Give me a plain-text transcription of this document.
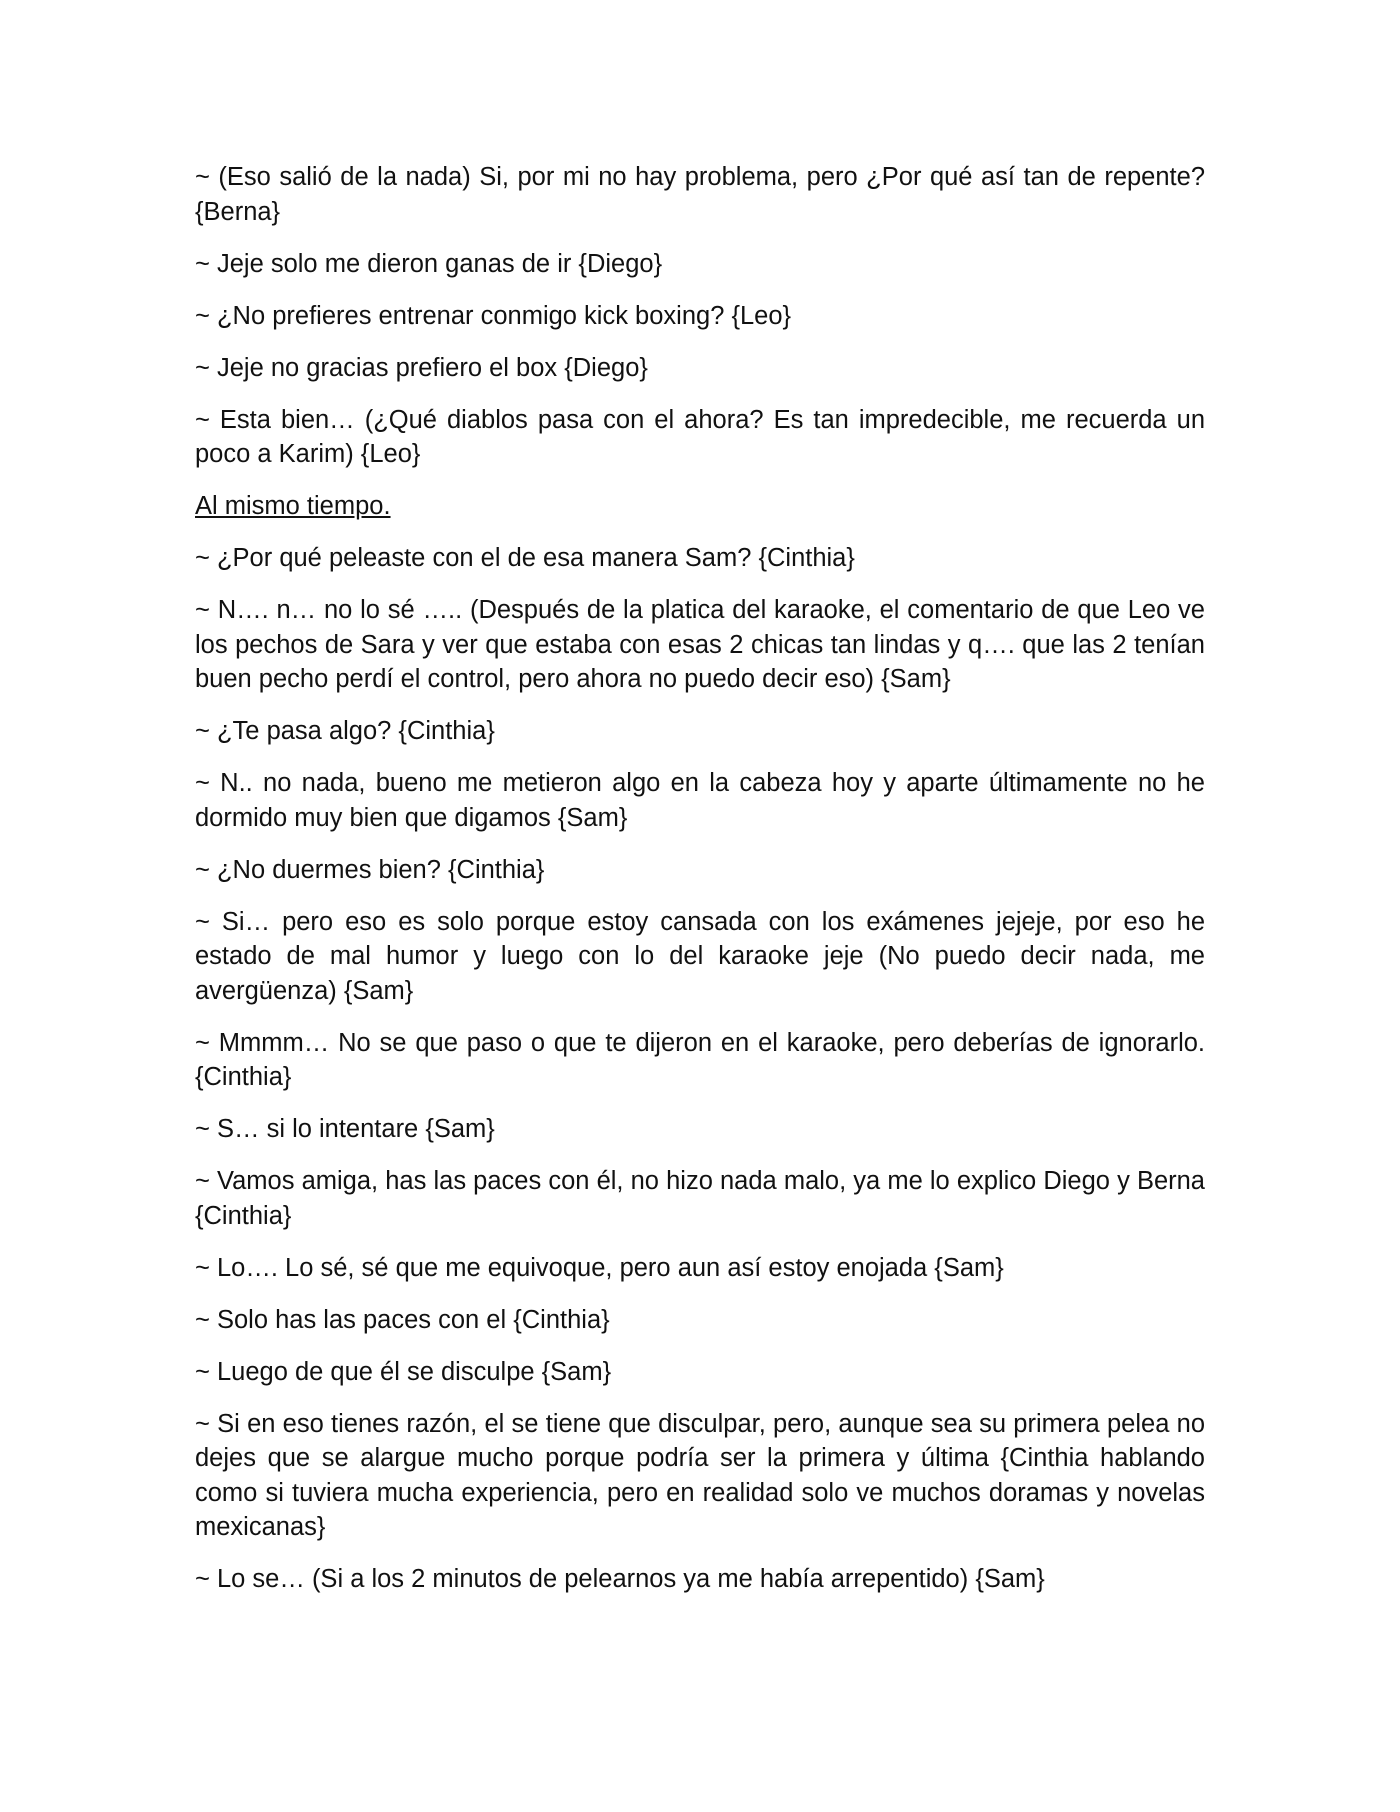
~ (Eso salió de la nada) Si, por mi no hay problema, pero ¿Por qué así tan de repente? {Berna}

~ Jeje solo me dieron ganas de ir {Diego}

~ ¿No prefieres entrenar conmigo kick boxing? {Leo}

~ Jeje no gracias prefiero el box {Diego}

~ Esta bien… (¿Qué diablos pasa con el ahora? Es tan impredecible, me recuerda un poco a Karim) {Leo}

Al mismo tiempo.

~ ¿Por qué peleaste con el de esa manera Sam? {Cinthia}

~ N…. n… no lo sé ….. (Después de la platica del karaoke, el comentario de que Leo ve los pechos de Sara y ver que estaba con esas 2 chicas tan lindas y q…. que las 2 tenían buen pecho perdí el control, pero ahora no puedo decir eso) {Sam}

~ ¿Te pasa algo? {Cinthia}

~ N.. no nada, bueno me metieron algo en la cabeza hoy y aparte últimamente no he dormido muy bien que digamos {Sam}

~ ¿No duermes bien? {Cinthia}

~ Si… pero eso es solo porque estoy cansada con los exámenes jejeje, por eso he estado de mal humor y luego con lo del karaoke jeje (No puedo decir nada, me avergüenza) {Sam}

~ Mmmm… No se que paso o que te dijeron en el karaoke, pero deberías de ignorarlo. {Cinthia}

~ S… si lo intentare {Sam}

~ Vamos amiga, has las paces con él, no hizo nada malo, ya me lo explico Diego y Berna {Cinthia}

~ Lo…. Lo sé, sé que me equivoque, pero aun así estoy enojada {Sam}

~ Solo has las paces con el {Cinthia}

~ Luego de que él se disculpe {Sam}

~ Si en eso tienes razón, el se tiene que disculpar, pero, aunque sea su primera pelea no dejes que se alargue mucho porque podría ser la primera y última {Cinthia hablando como si tuviera mucha experiencia, pero en realidad solo ve muchos doramas y novelas mexicanas}

~ Lo se… (Si a los 2 minutos de pelearnos ya me había arrepentido) {Sam}
